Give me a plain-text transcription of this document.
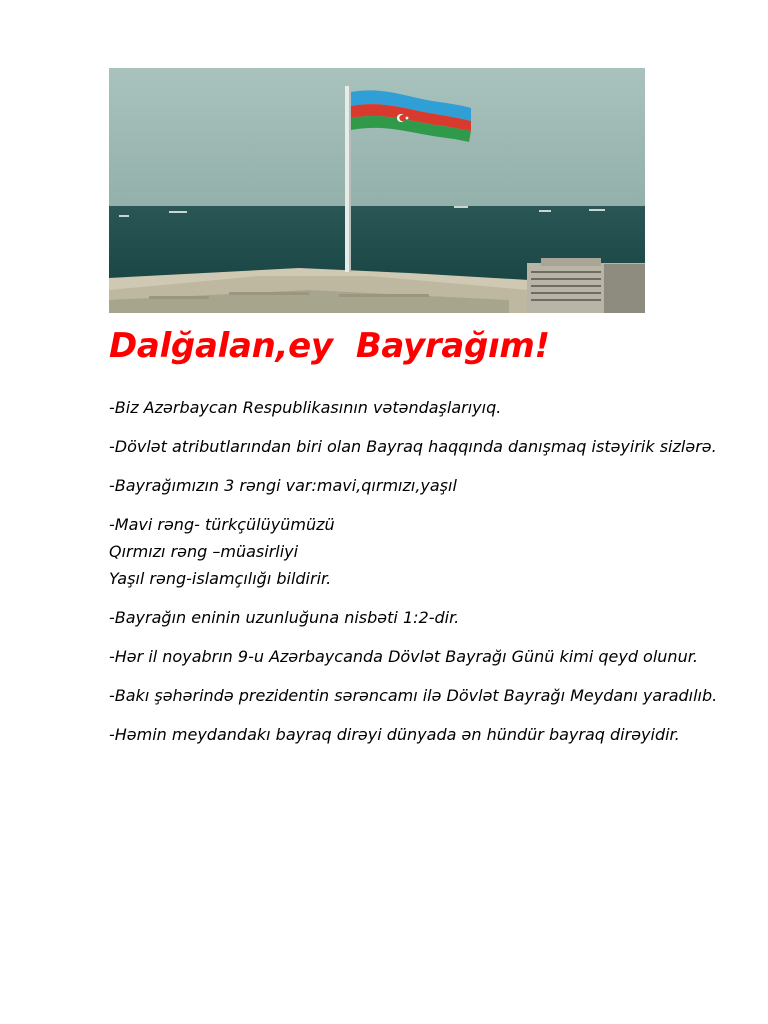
Dalğalan,ey  Bayrağım!

-Biz Azərbaycan Respublikasının vətəndaşlarıyıq.

-Dövlət atributlarından biri olan Bayraq haqqında danışmaq istəyirik sizlərə.

-Bayrağımızın 3 rəngi var:mavi,qırmızı,yaşıl

-Mavi rəng- türkçülüyümüzü
Qırmızı rəng –müasirliyi
Yaşıl rəng-islamçılığı bildirir.

-Bayrağın eninin uzunluğuna nisbəti 1:2-dir.

-Hər il noyabrın 9-u Azərbaycanda Dövlət Bayrağı Günü kimi qeyd olunur.

-Bakı şəhərində prezidentin sərəncamı ilə Dövlət Bayrağı Meydanı yaradılıb.

-Həmin meydandakı bayraq dirəyi dünyada ən hündür bayraq dirəyidir.
